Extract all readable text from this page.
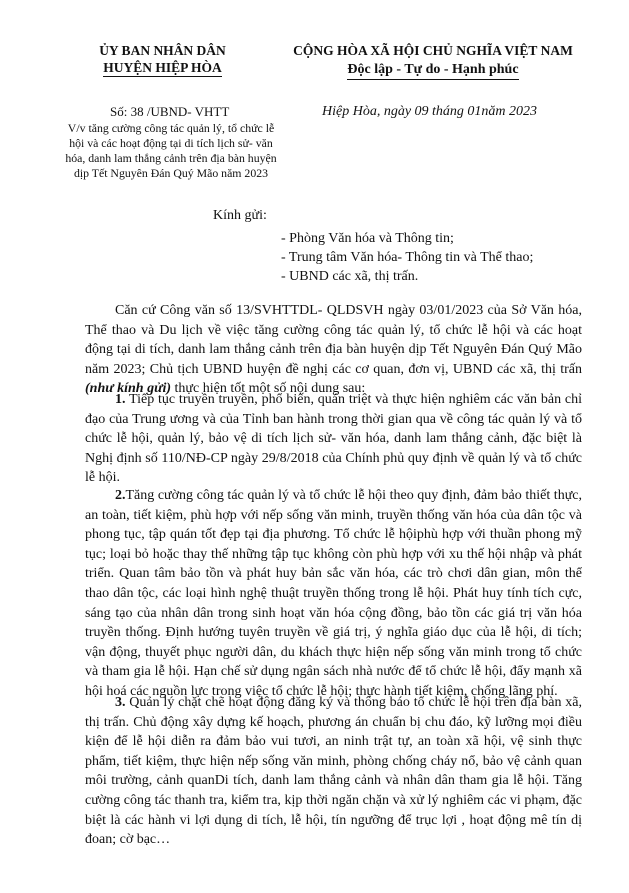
ỦY BAN NHÂN DÂN
HUYỆN HIỆP HÒA
CỘNG HÒA XÃ HỘI CHỦ NGHĨA VIỆT NAM
Độc lập - Tự do - Hạnh phúc
Số: 38 /UBND- VHTT
V/v tăng cường công tác quản lý, tổ chức lễ hội và các hoạt động tại di tích lịch sử- văn hóa, danh lam thắng cảnh trên địa bàn huyện dịp Tết Nguyên Đán Quý Mão năm 2023
Hiệp Hòa, ngày 09 tháng 01năm 2023
Kính gửi:
- Phòng Văn hóa và Thông tin;
- Trung tâm Văn hóa- Thông tin và Thể thao;
- UBND các xã, thị trấn.

Căn cứ Công văn số 13/SVHTTDL- QLDSVH ngày 03/01/2023 của Sở Văn hóa, Thể thao và Du lịch về việc tăng cường công tác quản lý, tổ chức lễ hội và các hoạt động tại di tích, danh lam thắng cảnh trên địa bàn huyện dịp Tết Nguyên Đán Quý Mão năm 2023; Chủ tịch UBND huyện đề nghị các cơ quan, đơn vị, UBND các xã, thị trấn (như kính gửi) thực hiện tốt một số nội dung sau:

1. Tiếp tục truyền truyền, phổ biến, quán triệt và thực hiện nghiêm các văn bản chỉ đạo của Trung ương và của Tỉnh ban hành trong thời gian qua về công tác quản lý và tổ chức lễ hội, quản lý, bảo vệ di tích lịch sử- văn hóa, danh lam thắng cảnh, đặc biệt là Nghị định số 110/NĐ-CP ngày 29/8/2018 của Chính phủ quy định về quản lý và tổ chức lễ hội.

2.Tăng cường công tác quản lý và tổ chức lễ hội theo quy định, đảm bảo thiết thực, an toàn, tiết kiệm, phù hợp với nếp sống văn minh, truyền thống văn hóa của dân tộc và phong tục, tập quán tốt đẹp tại địa phương. Tổ chức lễ hộiphù hợp với thuần phong mỹ tục; loại bỏ hoặc thay thế những tập tục không còn phù hợp với xu thế hội nhập và phát triển. Quan tâm bảo tồn và phát huy bản sắc văn hóa, các trò chơi dân gian, môn thể thao dân tộc, các loại hình nghệ thuật truyền thống trong lễ hội. Phát huy tính tích cực, sáng tạo của nhân dân trong sinh hoạt văn hóa cộng đồng, bảo tồn các giá trị văn hóa truyền thống. Định hướng tuyên truyền về giá trị, ý nghĩa giáo dục của lễ hội, di tích; vận động, thuyết phục người dân, du khách thực hiện nếp sống văn minh trong tổ chức và tham gia lễ hội. Hạn chế sử dụng ngân sách nhà nước để tổ chức lễ hội, đẩy mạnh xã hội hoá các nguồn lực trong việc tổ chức lễ hội; thực hành tiết kiệm, chống lãng phí.

3. Quản lý chặt chẽ hoạt động đăng ký và thông báo tổ chức lễ hội trên địa bàn xã, thị trấn. Chủ động xây dựng kế hoạch, phương án chuẩn bị chu đáo, kỹ lưỡng mọi điều kiện để lễ hội diễn ra đảm bảo vui tươi, an ninh trật tự, an toàn xã hội, vệ sinh thực phẩm, tiết kiệm, thực hiện nếp sống văn minh, phòng chống cháy nổ, bảo vệ cảnh quan môi trường, cảnh quanDi tích, danh lam thắng cảnh và nhân dân tham gia lễ hội. Tăng cường công tác thanh tra, kiểm tra, kịp thời ngăn chặn và xử lý nghiêm các vi phạm, đặc biệt là các hành vi lợi dụng di tích, lễ hội, tín ngưỡng để trục lợi , hoạt động mê tín dị đoan; cờ bạc…
